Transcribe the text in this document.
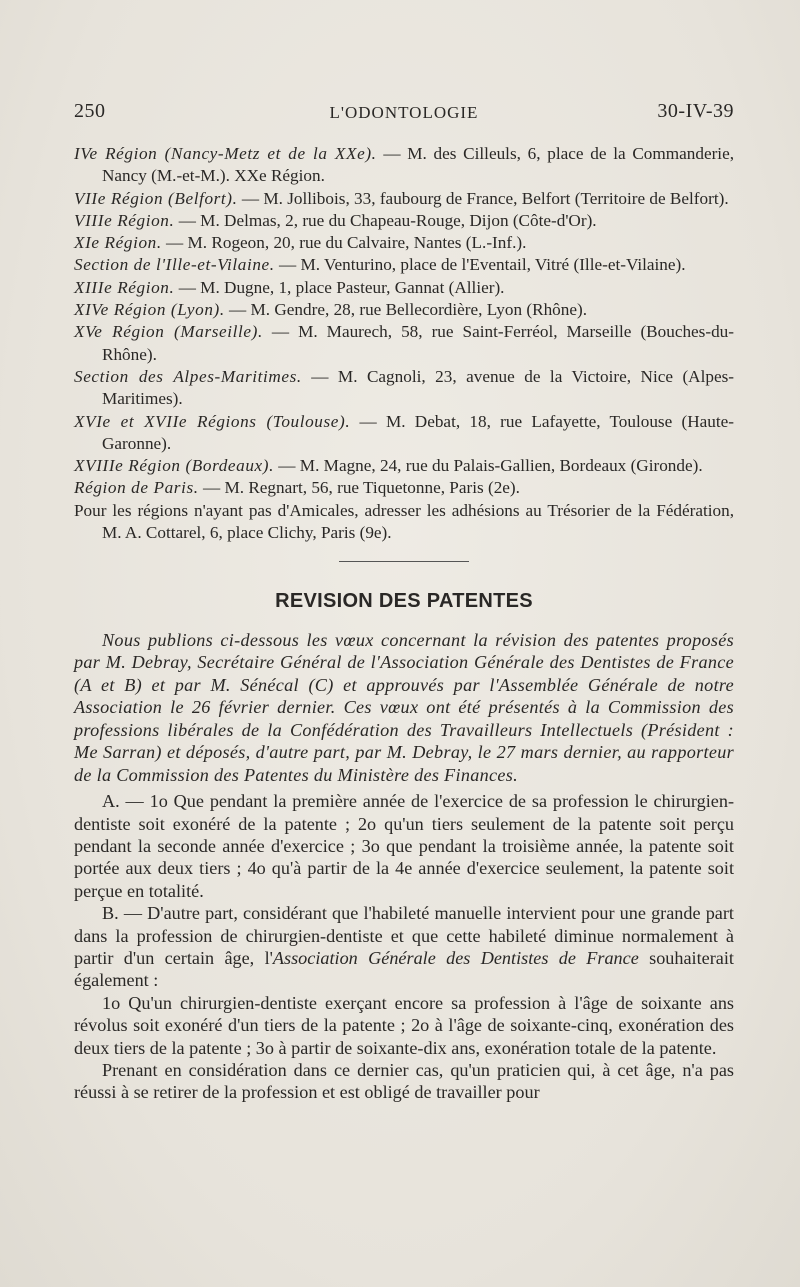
250	L'ODONTOLOGIE	30-IV-39

IVe Région (Nancy-Metz et de la XXe). — M. des Cilleuls, 6, place de la Commanderie, Nancy (M.-et-M.). XXe Région.

VIIe Région (Belfort). — M. Jollibois, 33, faubourg de France, Belfort (Territoire de Belfort).

VIIIe Région. — M. Delmas, 2, rue du Chapeau-Rouge, Dijon (Côte-d'Or).

XIe Région. — M. Rogeon, 20, rue du Calvaire, Nantes (L.-Inf.).

Section de l'Ille-et-Vilaine. — M. Venturino, place de l'Eventail, Vitré (Ille-et-Vilaine).

XIIIe Région. — M. Dugne, 1, place Pasteur, Gannat (Allier).

XIVe Région (Lyon). — M. Gendre, 28, rue Bellecordière, Lyon (Rhône).

XVe Région (Marseille). — M. Maurech, 58, rue Saint-Ferréol, Marseille (Bouches-du-Rhône).

Section des Alpes-Maritimes. — M. Cagnoli, 23, avenue de la Victoire, Nice (Alpes-Maritimes).

XVIe et XVIIe Régions (Toulouse). — M. Debat, 18, rue Lafayette, Toulouse (Haute-Garonne).

XVIIIe Région (Bordeaux). — M. Magne, 24, rue du Palais-Gallien, Bordeaux (Gironde).

Région de Paris. — M. Regnart, 56, rue Tiquetonne, Paris (2e).

Pour les régions n'ayant pas d'Amicales, adresser les adhésions au Trésorier de la Fédération, M. A. Cottarel, 6, place Clichy, Paris (9e).

REVISION DES PATENTES

Nous publions ci-dessous les vœux concernant la révision des patentes proposés par M. Debray, Secrétaire Général de l'Association Générale des Dentistes de France (A et B) et par M. Sénécal (C) et approuvés par l'Assemblée Générale de notre Association le 26 février dernier. Ces vœux ont été présentés à la Commission des professions libérales de la Confédération des Travailleurs Intellectuels (Président : Me Sarran) et déposés, d'autre part, par M. Debray, le 27 mars dernier, au rapporteur de la Commission des Patentes du Ministère des Finances.

A. — 1o Que pendant la première année de l'exercice de sa profession le chirurgien-dentiste soit exonéré de la patente ; 2o qu'un tiers seulement de la patente soit perçu pendant la seconde année d'exercice ; 3o que pendant la troisième année, la patente soit portée aux deux tiers ; 4o qu'à partir de la 4e année d'exercice seulement, la patente soit perçue en totalité.

B. — D'autre part, considérant que l'habileté manuelle intervient pour une grande part dans la profession de chirurgien-dentiste et que cette habileté diminue normalement à partir d'un certain âge, l'Association Générale des Dentistes de France souhaiterait également :

1o Qu'un chirurgien-dentiste exerçant encore sa profession à l'âge de soixante ans révolus soit exonéré d'un tiers de la patente ; 2o à l'âge de soixante-cinq, exonération des deux tiers de la patente ; 3o à partir de soixante-dix ans, exonération totale de la patente.

Prenant en considération dans ce dernier cas, qu'un praticien qui, à cet âge, n'a pas réussi à se retirer de la profession et est obligé de travailler pour
